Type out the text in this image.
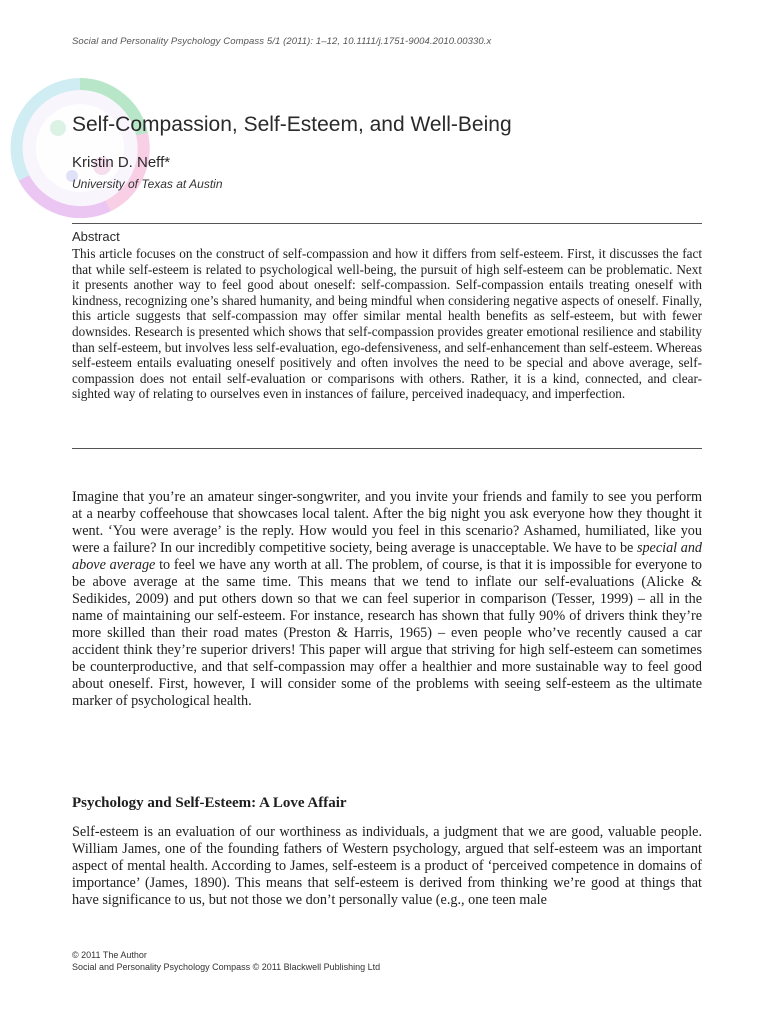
Social and Personality Psychology Compass 5/1 (2011): 1–12, 10.1111/j.1751-9004.2010.00330.x
Self-Compassion, Self-Esteem, and Well-Being
Kristin D. Neff*
University of Texas at Austin
Abstract

This article focuses on the construct of self-compassion and how it differs from self-esteem. First, it discusses the fact that while self-esteem is related to psychological well-being, the pursuit of high self-esteem can be problematic. Next it presents another way to feel good about oneself: self-compassion. Self-compassion entails treating oneself with kindness, recognizing one’s shared humanity, and being mindful when considering negative aspects of oneself. Finally, this article suggests that self-compassion may offer similar mental health benefits as self-esteem, but with fewer downsides. Research is presented which shows that self-compassion provides greater emotional resilience and stability than self-esteem, but involves less self-evaluation, ego-defensiveness, and self-enhancement than self-esteem. Whereas self-esteem entails evaluating oneself positively and often involves the need to be special and above average, self-compassion does not entail self-evaluation or comparisons with others. Rather, it is a kind, connected, and clear-sighted way of relating to ourselves even in instances of failure, perceived inadequacy, and imperfection.

Imagine that you’re an amateur singer-songwriter, and you invite your friends and family to see you perform at a nearby coffeehouse that showcases local talent. After the big night you ask everyone how they thought it went. ‘You were average’ is the reply. How would you feel in this scenario? Ashamed, humiliated, like you were a failure? In our incredibly competitive society, being average is unacceptable. We have to be special and above average to feel we have any worth at all. The problem, of course, is that it is impossible for everyone to be above average at the same time. This means that we tend to inflate our self-evaluations (Alicke & Sedikides, 2009) and put others down so that we can feel superior in comparison (Tesser, 1999) – all in the name of maintaining our self-esteem. For instance, research has shown that fully 90% of drivers think they’re more skilled than their road mates (Preston & Harris, 1965) – even people who’ve recently caused a car accident think they’re superior drivers! This paper will argue that striving for high self-esteem can sometimes be counterproductive, and that self-compassion may offer a healthier and more sustainable way to feel good about oneself. First, however, I will consider some of the problems with seeing self-esteem as the ultimate marker of psychological health.

Psychology and Self-Esteem: A Love Affair

Self-esteem is an evaluation of our worthiness as individuals, a judgment that we are good, valuable people. William James, one of the founding fathers of Western psychology, argued that self-esteem was an important aspect of mental health. According to James, self-esteem is a product of ‘perceived competence in domains of importance’ (James, 1890). This means that self-esteem is derived from thinking we’re good at things that have significance to us, but not those we don’t personally value (e.g., one teen male

© 2011 The Author
Social and Personality Psychology Compass © 2011 Blackwell Publishing Ltd
